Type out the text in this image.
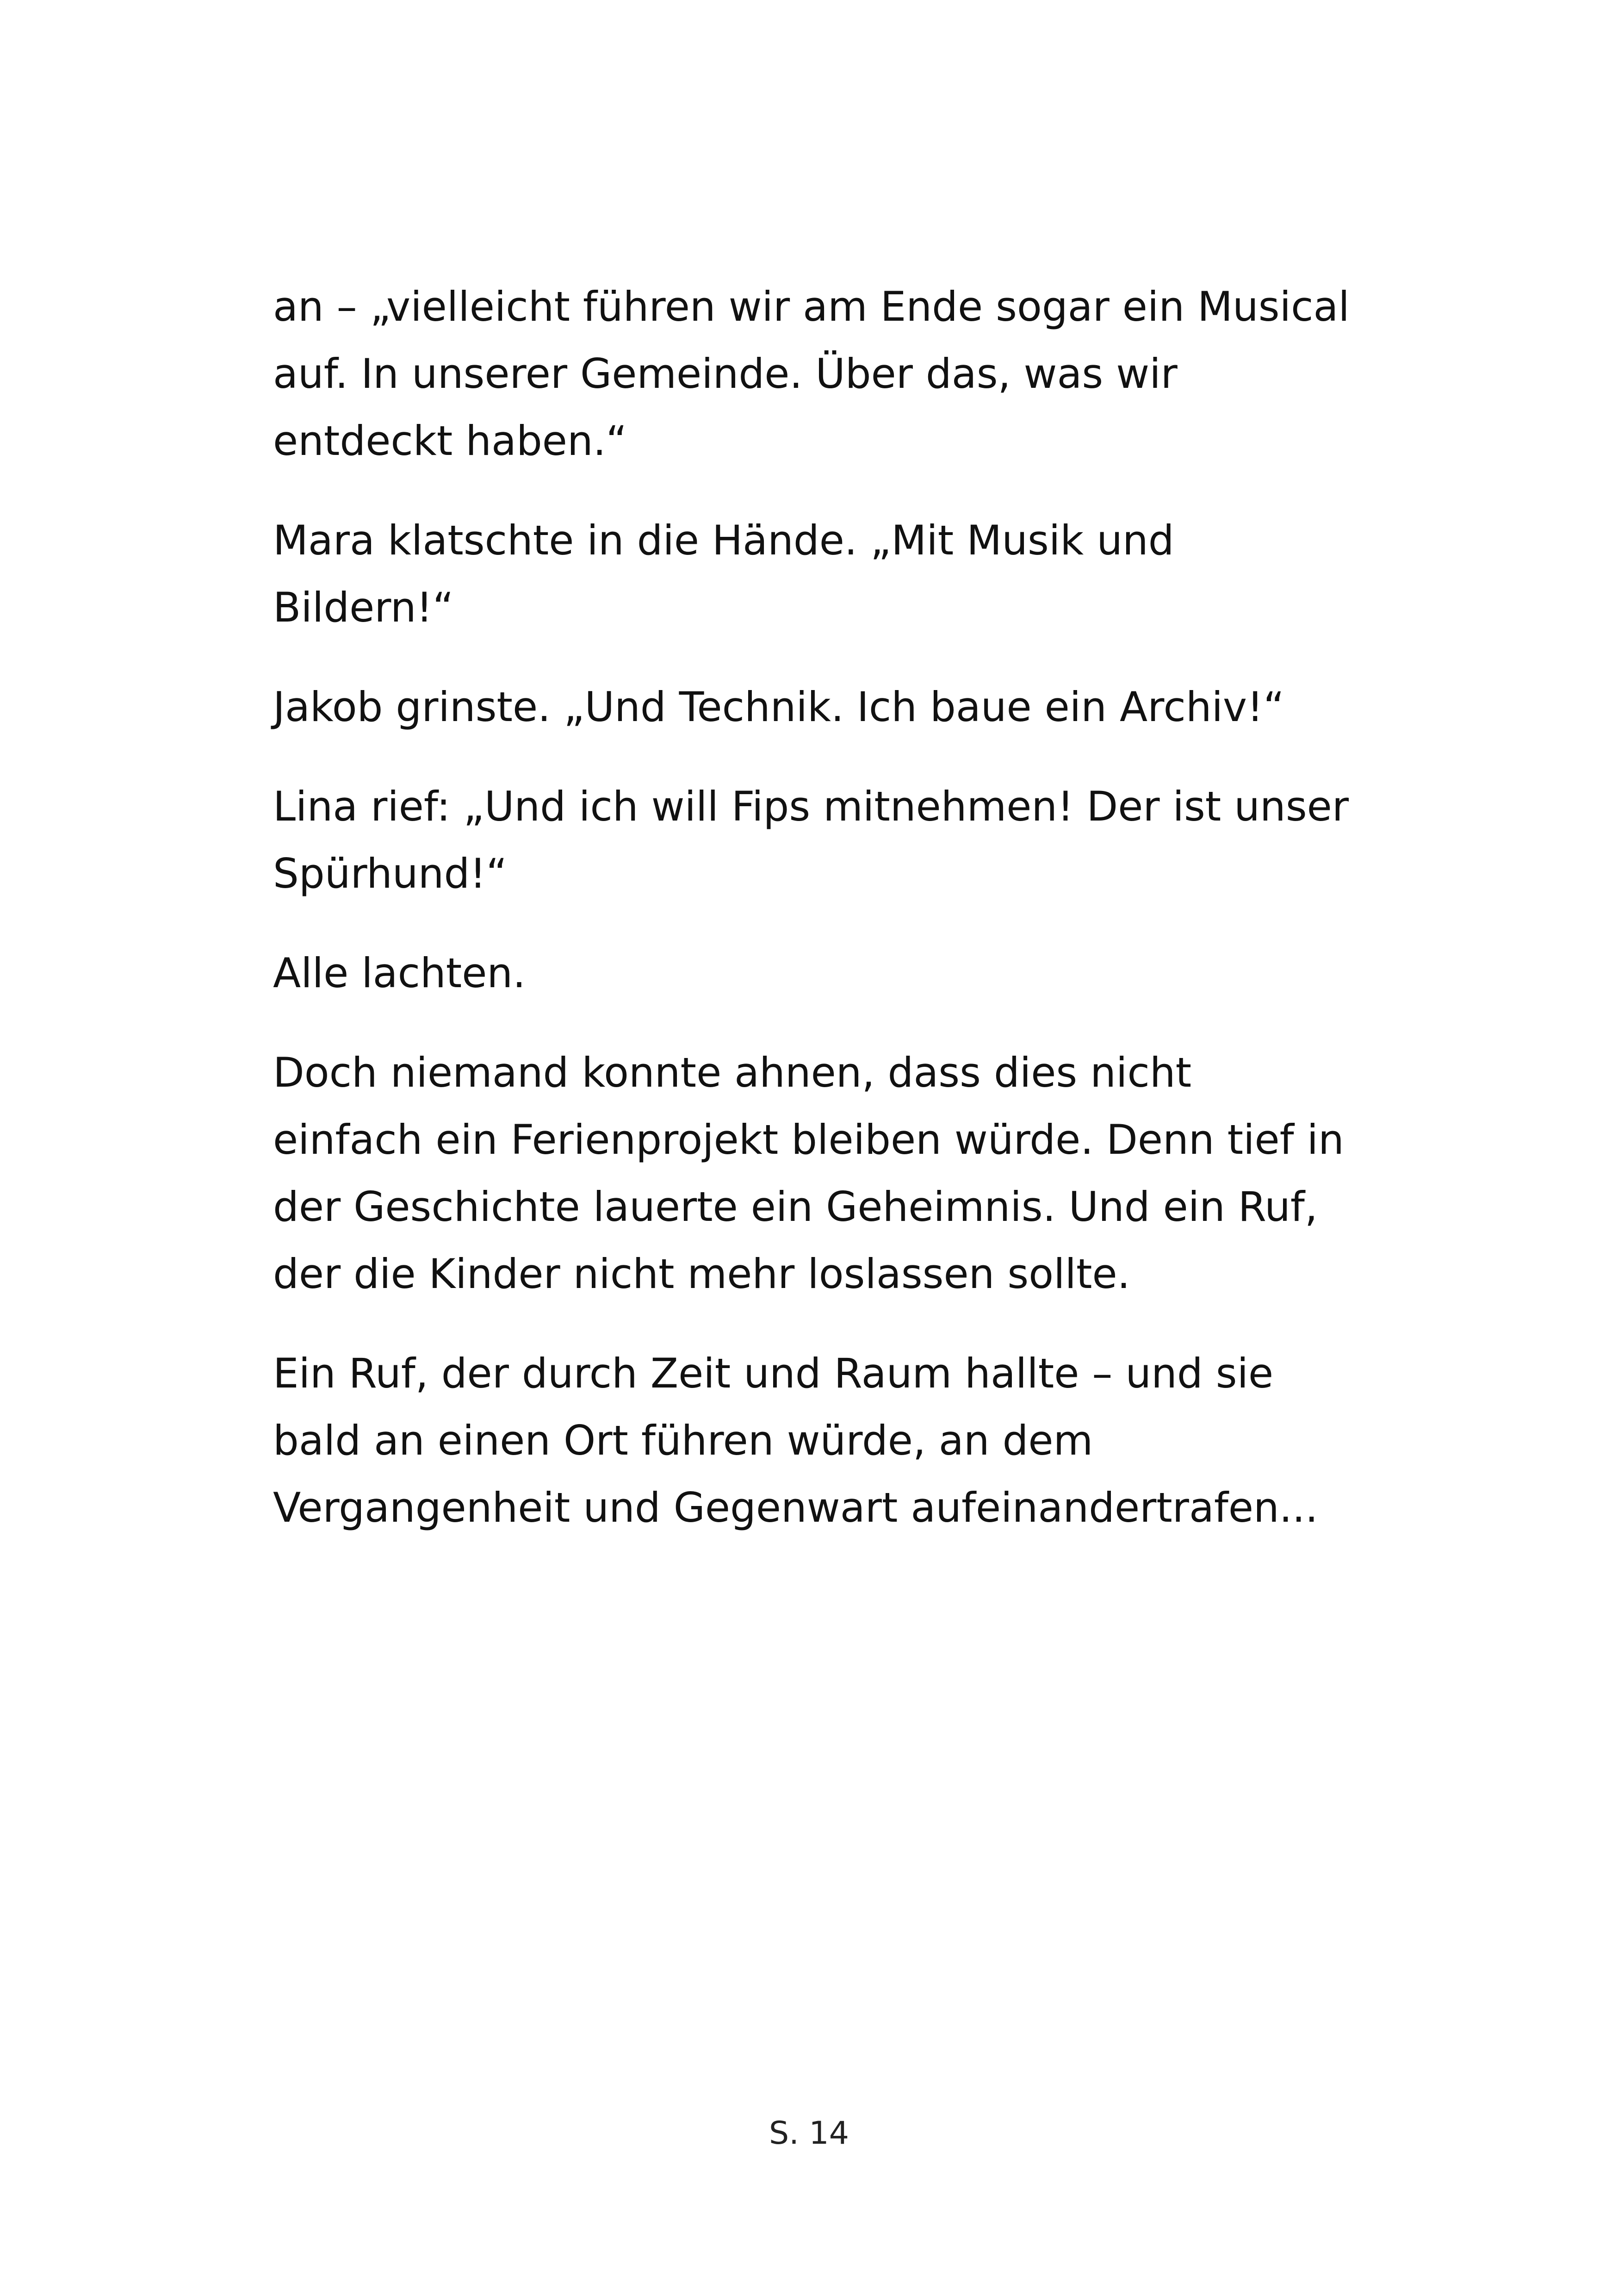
an – „vielleicht führen wir am Ende sogar ein Musical
auf. In unserer Gemeinde. Über das, was wir
entdeckt haben.“

Mara klatschte in die Hände. „Mit Musik und
Bildern!“

Jakob grinste. „Und Technik. Ich baue ein Archiv!“

Lina rief: „Und ich will Fips mitnehmen! Der ist unser
Spürhund!“

Alle lachten.

Doch niemand konnte ahnen, dass dies nicht
einfach ein Ferienprojekt bleiben würde. Denn tief in
der Geschichte lauerte ein Geheimnis. Und ein Ruf,
der die Kinder nicht mehr loslassen sollte.

Ein Ruf, der durch Zeit und Raum hallte – und sie
bald an einen Ort führen würde, an dem
Vergangenheit und Gegenwart aufeinandertrafen...

S. 14
